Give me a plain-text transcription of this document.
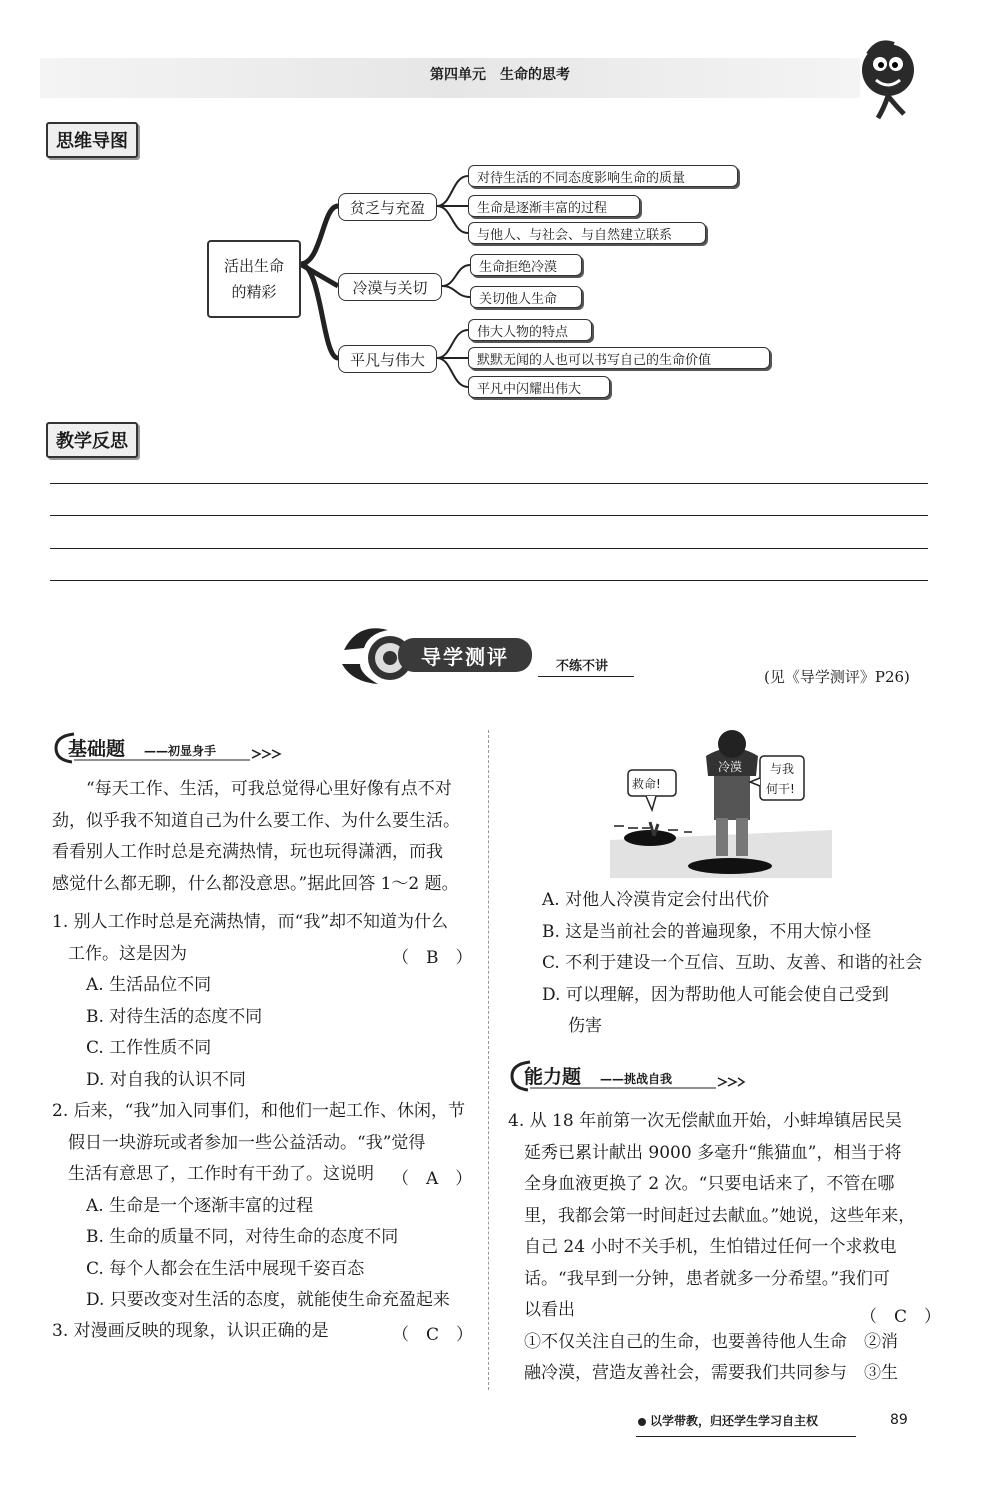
第四单元　生命的思考
思维导图
活出生命的精彩
贫乏与充盈
冷漠与关切
平凡与伟大
对待生活的不同态度影响生命的质量
生命是逐渐丰富的过程
与他人、与社会、与自然建立联系
生命拒绝冷漠
关切他人生命
伟大人物的特点
默默无闻的人也可以书写自己的生命价值
平凡中闪耀出伟大
教学反思
导学测评	不练不讲
(见《导学测评》P26)
基础题 ——初显身手
“每天工作、生活，可我总觉得心里好像有点不对
劲，似乎我不知道自己为什么要工作、为什么要生活。
看看别人工作时总是充满热情，玩也玩得潇洒，而我
感觉什么都无聊，什么都没意思。”据此回答 1～2 题。
1. 别人工作时总是充满热情，而“我”却不知道为什么
工作。这是因为	（　B　）
A. 生活品位不同
B. 对待生活的态度不同
C. 工作性质不同
D. 对自我的认识不同
2. 后来，“我”加入同事们，和他们一起工作、休闲，节
假日一块游玩或者参加一些公益活动。“我”觉得
生活有意思了，工作时有干劲了。这说明	（　A　）
A. 生命是一个逐渐丰富的过程
B. 生命的质量不同，对待生命的态度不同
C. 每个人都会在生活中展现千姿百态
D. 只要改变对生活的态度，就能使生命充盈起来
3. 对漫画反映的现象，认识正确的是	（　C　）
冷漠
救命!
与我
何干!
A. 对他人冷漠肯定会付出代价
B. 这是当前社会的普遍现象，不用大惊小怪
C. 不利于建设一个互信、互助、友善、和谐的社会
D. 可以理解，因为帮助他人可能会使自己受到
伤害
能力题 ——挑战自我
4. 从 18 年前第一次无偿献血开始，小蚌埠镇居民吴
延秀已累计献出 9000 多毫升“熊猫血”，相当于将
全身血液更换了 2 次。“只要电话来了，不管在哪
里，我都会第一时间赶过去献血。”她说，这些年来，
自己 24 小时不关手机，生怕错过任何一个求救电
话。“我早到一分钟，患者就多一分希望。”我们可
以看出	（　C　）
①不仅关注自己的生命，也要善待他人生命　②消
融冷漠，营造友善社会，需要我们共同参与　③生
以学带教，归还学生学习自主权	89
